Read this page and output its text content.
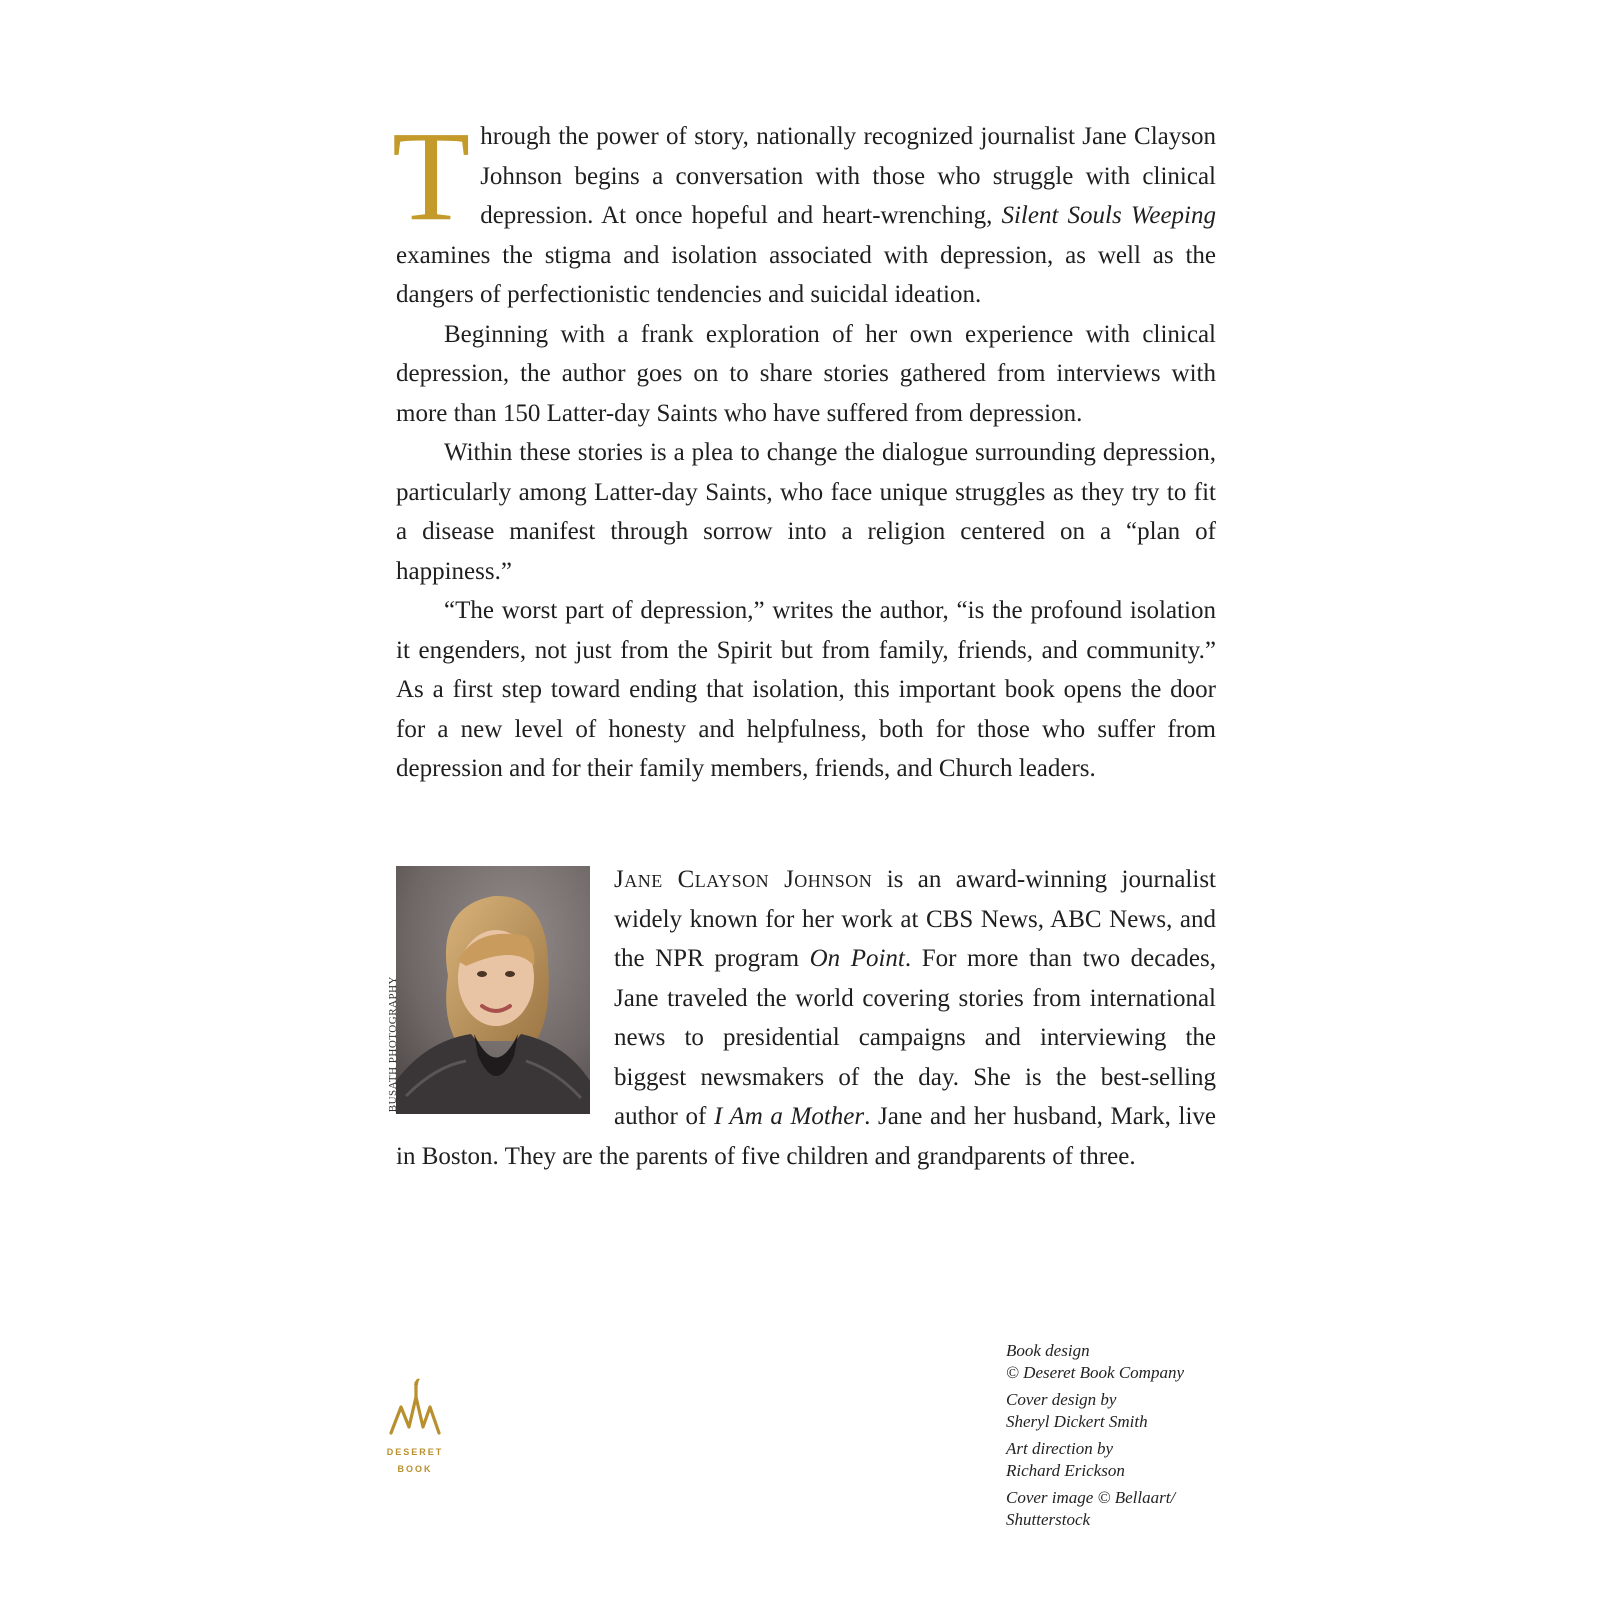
Through the power of story, nationally recognized journalist Jane Clayson Johnson begins a conversation with those who struggle with clinical depression. At once hopeful and heart-wrenching, Silent Souls Weeping examines the stigma and isolation associated with depression, as well as the dangers of perfectionistic tendencies and suicidal ideation.

Beginning with a frank exploration of her own experience with clinical depression, the author goes on to share stories gathered from interviews with more than 150 Latter-day Saints who have suffered from depression.

Within these stories is a plea to change the dialogue surrounding depression, particularly among Latter-day Saints, who face unique struggles as they try to fit a disease manifest through sorrow into a religion centered on a “plan of happiness.”

“The worst part of depression,” writes the author, “is the profound isolation it engenders, not just from the Spirit but from family, friends, and community.” As a first step toward ending that isolation, this important book opens the door for a new level of honesty and helpfulness, both for those who suffer from depression and for their family members, friends, and Church leaders.

BUSATH PHOTOGRAPHY

Jane Clayson Johnson is an award-winning journalist widely known for her work at CBS News, ABC News, and the NPR program On Point. For more than two decades, Jane traveled the world covering stories from international news to presidential campaigns and interviewing the biggest newsmakers of the day. She is the best-selling author of I Am a Mother. Jane and her husband, Mark, live in Boston. They are the parents of five children and grandparents of three.

DESERET
BOOK
Book design
© Deseret Book Company
Cover design by
Sheryl Dickert Smith
Art direction by
Richard Erickson
Cover image © Bellaart/
Shutterstock
